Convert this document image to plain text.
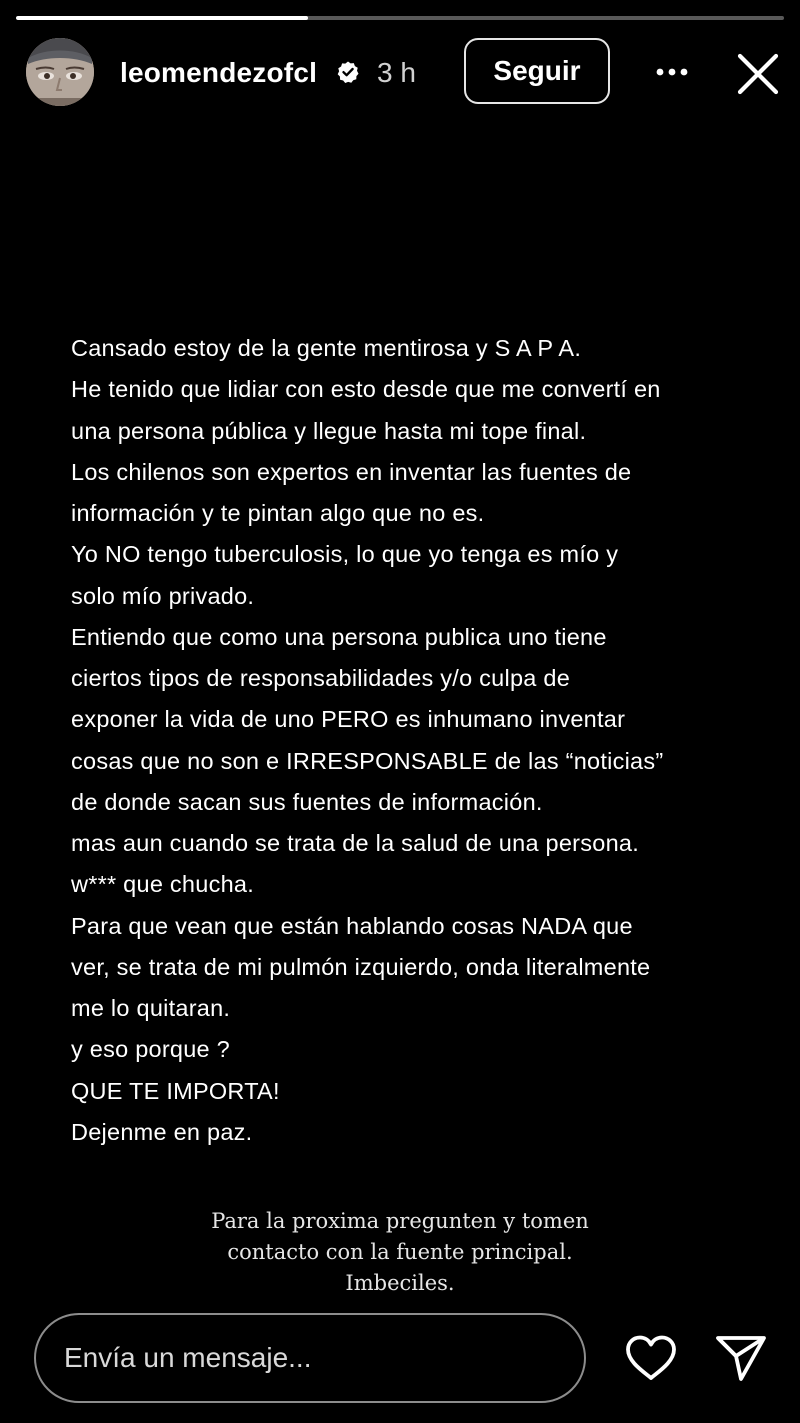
leomendezofcl 3 h	Seguir
Cansado estoy de la gente mentirosa y S A P A.
He tenido que lidiar con esto desde que me convertí en
una persona pública y llegue hasta mi tope final.
Los chilenos son expertos en inventar las fuentes de
información y te pintan algo que no es.
Yo NO tengo tuberculosis, lo que yo tenga es mío y
solo mío privado.
Entiendo que como una persona publica uno tiene
ciertos tipos de responsabilidades y/o culpa de
exponer la vida de uno PERO es inhumano inventar
cosas que no son e IRRESPONSABLE de las “noticias”
de donde sacan sus fuentes de información.
mas aun cuando se trata de la salud de una persona.
w*** que chucha.
Para que vean que están hablando cosas NADA que
ver, se trata de mi pulmón izquierdo, onda literalmente
me lo quitaran.
y eso porque ?
QUE TE IMPORTA!
Dejenme en paz.
Para la proxima pregunten y tomen
contacto con la fuente principal.
Imbeciles.
Envía un mensaje...
